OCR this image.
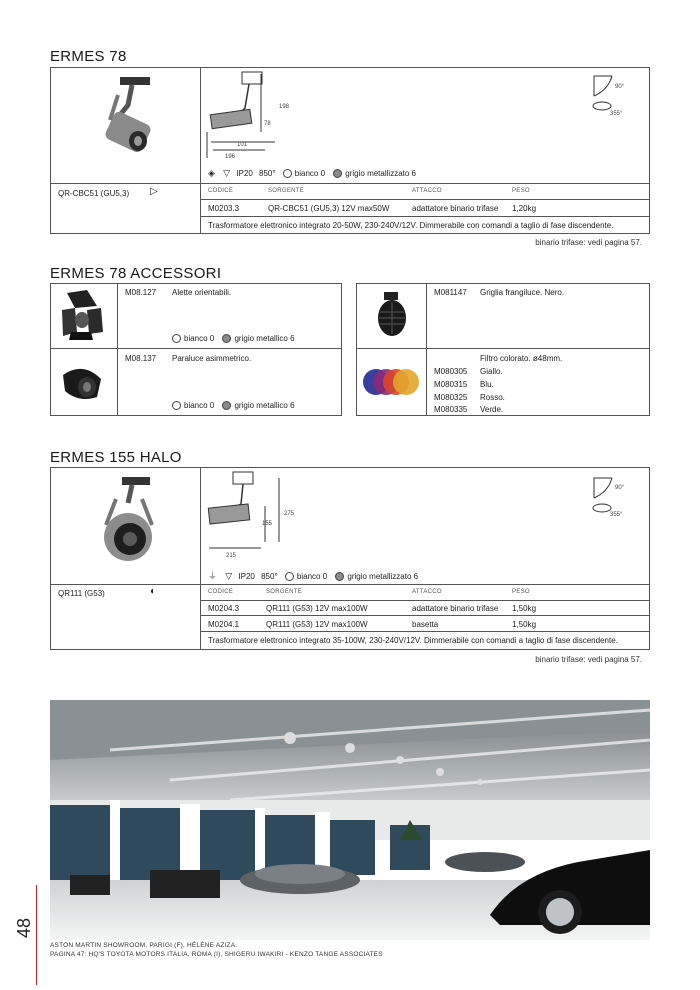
ERMES 78
198
78
101
196
90°
355°
◈ ▽ IP20 850° bianco 0	grigio metallizzato 6
QR-CBC51 (GU5,3) ▷	CODICE	SORGENTE	ATTACCO	PESO
M0203.3	QR-CBC51 (GU5,3) 12V max50W	adattatore binario trifase 1,20kg
Trasformatore elettronico integrato 20-50W, 230-240V/12V. Dimmerabile con comandi a taglio di fase discendente.
binario trifase: vedi pagina 57.
ERMES 78 ACCESSORI
M08.127 Alette orientabili.
bianco 0	grigio metallico 6
M08.137 Paraluce asimmetrico.
bianco 0	grigio metallico 6
M081147 Griglia frangiluce. Nero.
Filtro colorato. ø48mm.
M080305 Giallo.
M080315 Blu.
M080325 Rosso.
M080335 Verde.
ERMES 155 HALO
275
155
215
90°
355°
⏚ ▽ IP20 850° bianco 0	grigio metallizzato 6
QR111 (G53)	◐	CODICE	SORGENTE	ATTACCO	PESO
M0204.3	QR111 (G53) 12V max100W	adattatore binario trifase 1,50kg
M0204.1	QR111 (G53) 12V max100W	basetta	1,50kg
Trasformatore elettronico integrato 35-100W, 230-240V/12V. Dimmerabile con comandi a taglio di fase discendente.
binario trifase: vedi pagina 57.
ASTON MARTIN SHOWROOM, PARIGI (F), HÉLÈNE AZIZA.
PAGINA 47: HQ'S TOYOTA MOTORS ITALIA, ROMA (I), SHIGERU IWAKIRI - KENZO TANGE ASSOCIATES
48
